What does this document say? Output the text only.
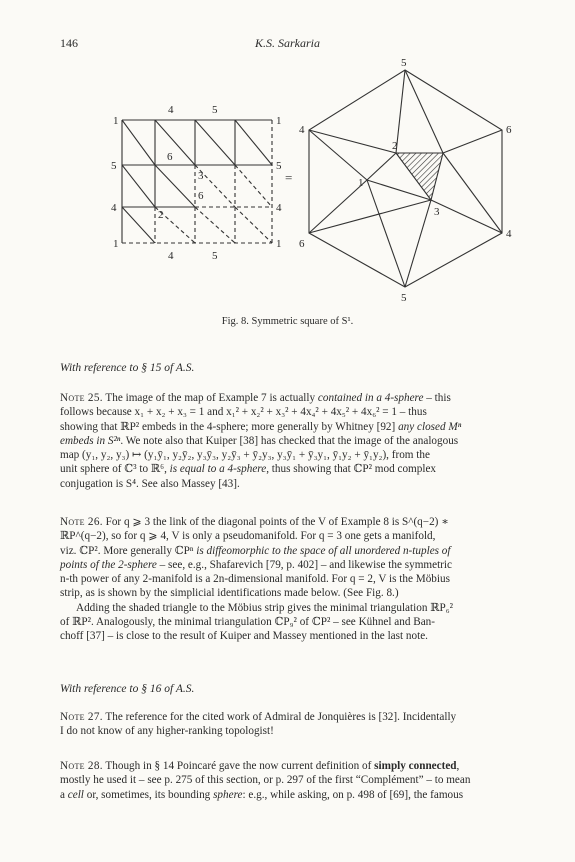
146	K.S. Sarkaria
4	5
1	1
5
4
5
4
1	1
4	5
6
3
6
2
=
5
5
4	6
6
4
2
1
3
Fig. 8. Symmetric square of S¹.
With reference to § 15 of A.S.
Note 25. The image of the map of Example 7 is actually contained in a 4-sphere – this
follows because x₁ + x₂ + x₃ = 1 and x₁² + x₂² + x₃² + 4x₄² + 4x₅² + 4x₆² = 1 – thus
showing that ℝP² embeds in the 4-sphere; more generally by Whitney [92] any closed Mⁿ
embeds in S²ⁿ. We note also that Kuiper [38] has checked that the image of the analogous
map (y₁, y₂, y₃) ↦ (y₁ȳ₁, y₂ȳ₂, y₃ȳ₃, y₂ȳ₃ + ȳ₂y₃, y₃ȳ₁ + ȳ₃y₁, ȳ₁y₂ + ȳ₁y₂), from the
unit sphere of ℂ³ to ℝ⁶, is equal to a 4-sphere, thus showing that ℂP² mod complex
conjugation is S⁴. See also Massey [43].
Note 26. For q ⩾ 3 the link of the diagonal points of the V of Example 8 is S^(q−2) ∗
ℝP^(q−2), so for q ⩾ 4, V is only a pseudomanifold. For q = 3 one gets a manifold,
viz. ℂP². More generally ℂPⁿ is diffeomorphic to the space of all unordered n-tuples of
points of the 2-sphere – see, e.g., Shafarevich [79, p. 402] – and likewise the symmetric
n-th power of any 2-manifold is a 2n-dimensional manifold. For q = 2, V is the Möbius
strip, as is shown by the simplicial identifications made below. (See Fig. 8.)
Adding the shaded triangle to the Möbius strip gives the minimal triangulation ℝP₆²
of ℝP². Analogously, the minimal triangulation ℂP₉² of ℂP² – see Kühnel and Ban-
choff [37] – is close to the result of Kuiper and Massey mentioned in the last note.
With reference to § 16 of A.S.
Note 27. The reference for the cited work of Admiral de Jonquières is [32]. Incidentally
I do not know of any higher-ranking topologist!
Note 28. Though in § 14 Poincaré gave the now current definition of simply connected,
mostly he used it – see p. 275 of this section, or p. 297 of the first “Complément” – to mean
a cell or, sometimes, its bounding sphere: e.g., while asking, on p. 498 of [69], the famous
